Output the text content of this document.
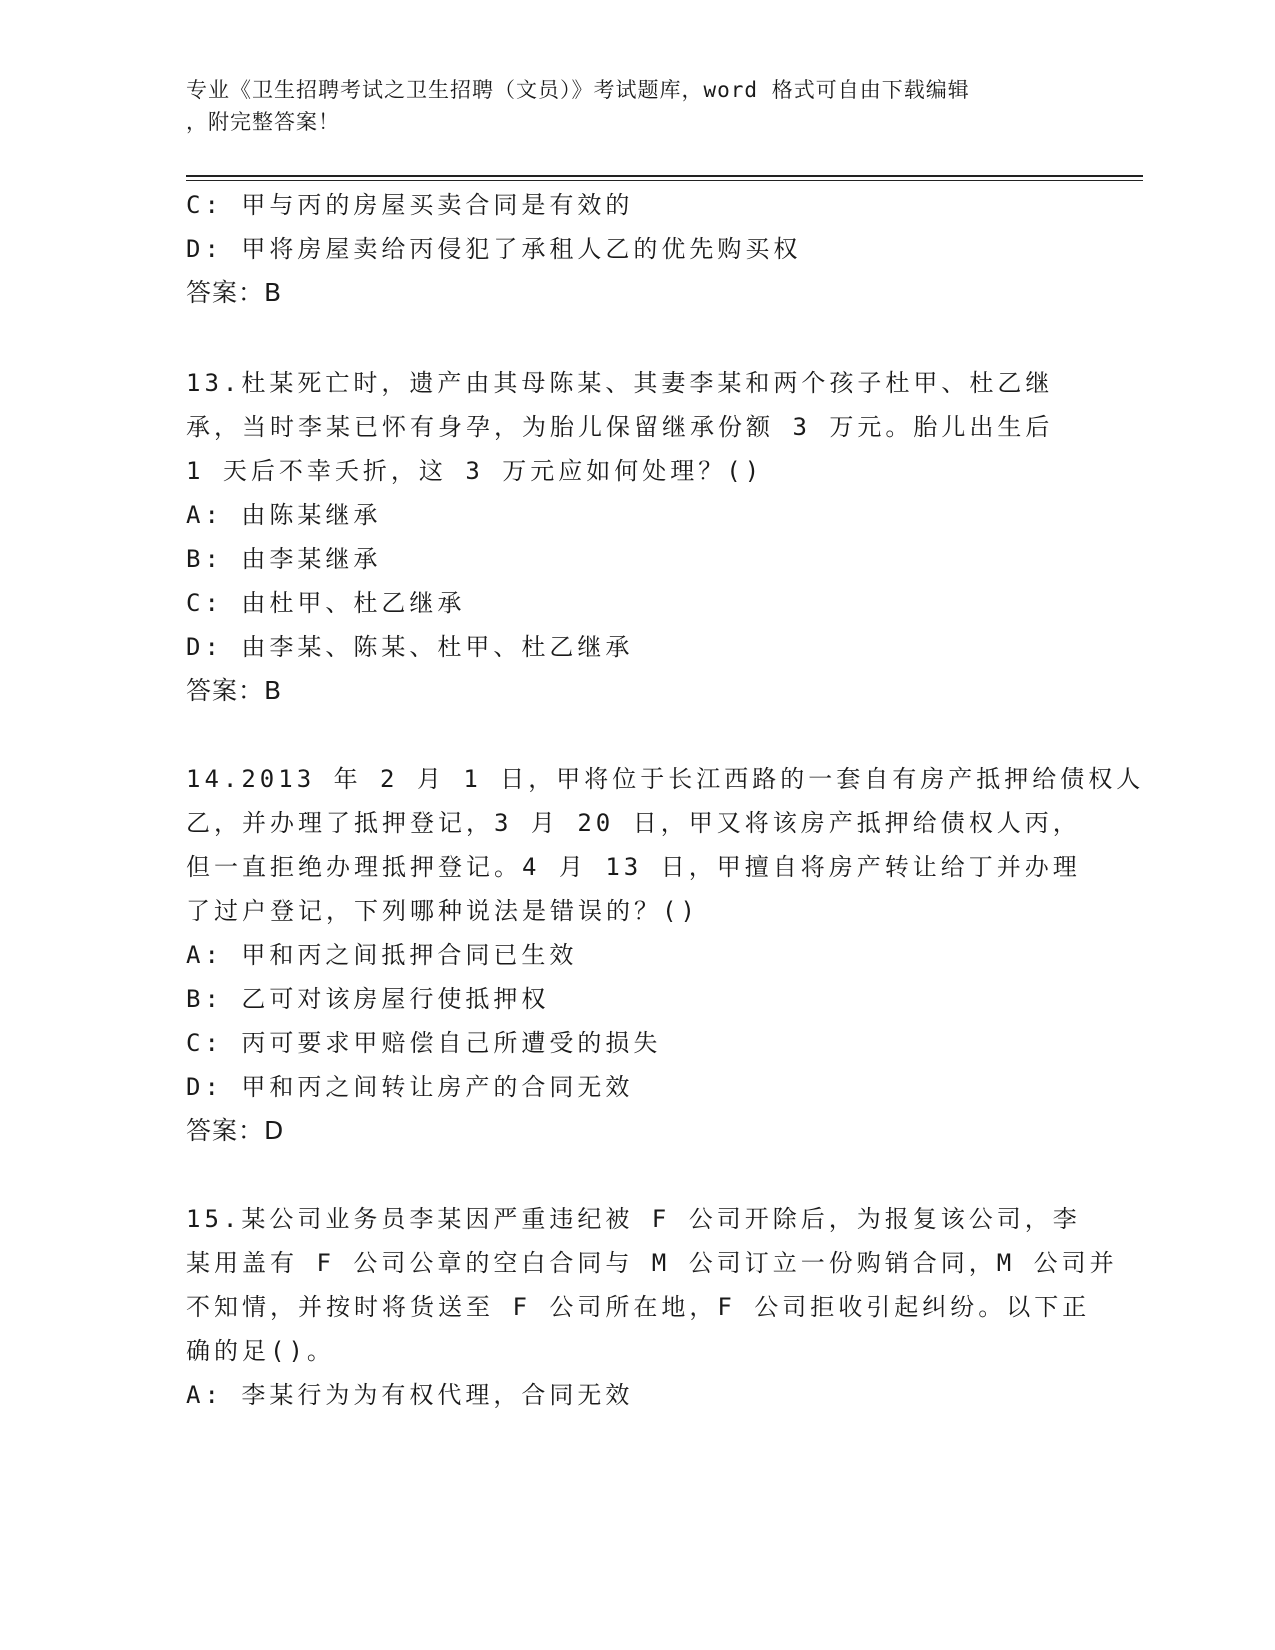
专业《卫生招聘考试之卫生招聘（文员）》考试题库，word 格式可自由下载编辑
，附完整答案！
C: 甲与丙的房屋买卖合同是有效的
D: 甲将房屋卖给丙侵犯了承租人乙的优先购买权
答案：B
13.杜某死亡时，遗产由其母陈某、其妻李某和两个孩子杜甲、杜乙继
承，当时李某已怀有身孕，为胎儿保留继承份额 3 万元。胎儿出生后
1 天后不幸夭折，这 3 万元应如何处理？()
A: 由陈某继承
B: 由李某继承
C: 由杜甲、杜乙继承
D: 由李某、陈某、杜甲、杜乙继承
答案：B
14.2013 年 2 月 1 日，甲将位于长江西路的一套自有房产抵押给债权人
乙，并办理了抵押登记，3 月 20 日，甲又将该房产抵押给债权人丙，
但一直拒绝办理抵押登记。4 月 13 日，甲擅自将房产转让给丁并办理
了过户登记，下列哪种说法是错误的？()
A: 甲和丙之间抵押合同已生效
B: 乙可对该房屋行使抵押权
C: 丙可要求甲赔偿自己所遭受的损失
D: 甲和丙之间转让房产的合同无效
答案：D
15.某公司业务员李某因严重违纪被 F 公司开除后，为报复该公司，李
某用盖有 F 公司公章的空白合同与 M 公司订立一份购销合同，M 公司并
不知情，并按时将货送至 F 公司所在地，F 公司拒收引起纠纷。以下正
确的足()。
A: 李某行为为有权代理，合同无效
